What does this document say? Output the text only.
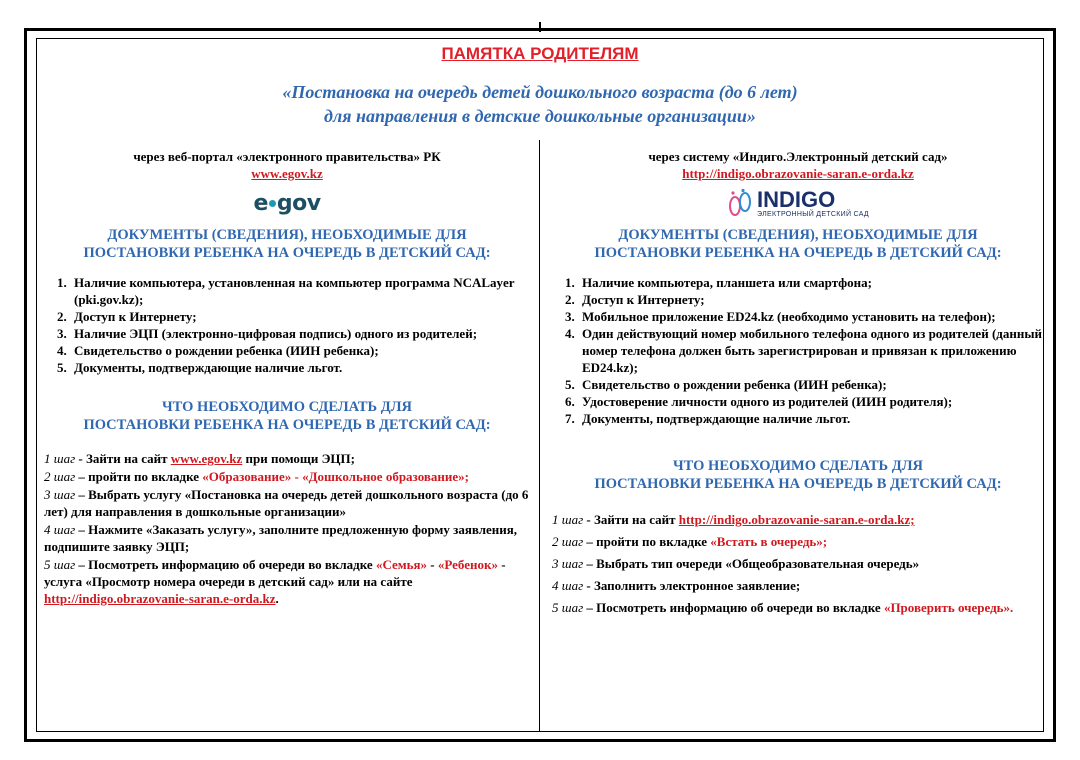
ПАМЯТКА РОДИТЕЛЯМ
«Постановка на очередь детей дошкольного возраста (до 6 лет)
для направления в детские дошкольные организации»
через веб-портал «электронного правительства» РК
www.egov.kz
e gov
ДОКУМЕНТЫ (СВЕДЕНИЯ), НЕОБХОДИМЫЕ ДЛЯ
ПОСТАНОВКИ РЕБЕНКА НА ОЧЕРЕДЬ В ДЕТСКИЙ САД:
1. Наличие компьютера, установленная на компьютер программа NCALayer (pki.gov.kz);
2. Доступ к Интернету;
3. Наличие ЭЦП (электронно-цифровая подпись) одного из родителей;
4. Свидетельство о рождении ребенка (ИИН ребенка);
5. Документы, подтверждающие наличие льгот.
ЧТО НЕОБХОДИМО СДЕЛАТЬ ДЛЯ
ПОСТАНОВКИ РЕБЕНКА НА ОЧЕРЕДЬ В ДЕТСКИЙ САД:
1 шаг - Зайти на сайт www.egov.kz при помощи ЭЦП;
2 шаг – пройти по вкладке «Образование» - «Дошкольное образование»;
3 шаг – Выбрать услугу «Постановка на очередь детей дошкольного возраста (до 6 лет) для направления в дошкольные организации»
4 шаг – Нажмите «Заказать услугу», заполните предложенную форму заявления, подпишите заявку ЭЦП;
5 шаг – Посмотреть информацию об очереди во вкладке «Семья» - «Ребенок» - услуга «Просмотр номера очереди в детский сад» или на сайте http://indigo.obrazovanie-saran.e-orda.kz.
через систему «Индиго.Электронный детский сад»
http://indigo.obrazovanie-saran.e-orda.kz
INDIGO
ЭЛЕКТРОННЫЙ ДЕТСКИЙ САД
ДОКУМЕНТЫ (СВЕДЕНИЯ), НЕОБХОДИМЫЕ ДЛЯ
ПОСТАНОВКИ РЕБЕНКА НА ОЧЕРЕДЬ В ДЕТСКИЙ САД:
1. Наличие компьютера, планшета или смартфона;
2. Доступ к Интернету;
3. Мобильное приложение ED24.kz (необходимо установить на телефон);
4. Один действующий номер мобильного телефона одного из родителей (данный номер телефона должен быть зарегистрирован и привязан к приложению ED24.kz);
5. Свидетельство о рождении ребенка (ИИН ребенка);
6. Удостоверение личности одного из родителей (ИИН родителя);
7. Документы, подтверждающие наличие льгот.
ЧТО НЕОБХОДИМО СДЕЛАТЬ ДЛЯ
ПОСТАНОВКИ РЕБЕНКА НА ОЧЕРЕДЬ В ДЕТСКИЙ САД:
1 шаг - Зайти на сайт http://indigo.obrazovanie-saran.e-orda.kz;
2 шаг – пройти по вкладке «Встать в очередь»;
3 шаг – Выбрать тип очереди «Общеобразовательная очередь»
4 шаг - Заполнить электронное заявление;
5 шаг – Посмотреть информацию об очереди во вкладке «Проверить очередь».
